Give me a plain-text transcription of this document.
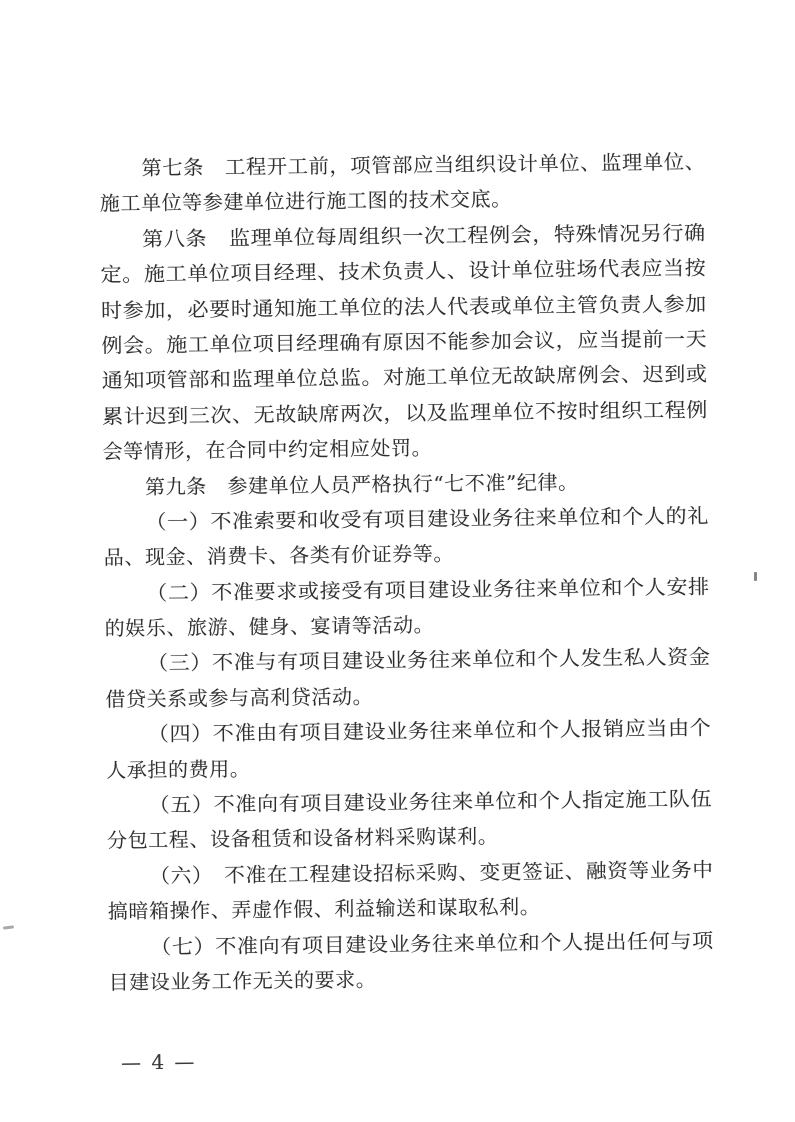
第七条　工程开工前，项管部应当组织设计单位、监理单位、
施工单位等参建单位进行施工图的技术交底。
第八条　监理单位每周组织一次工程例会，特殊情况另行确
定。施工单位项目经理、技术负责人、设计单位驻场代表应当按
时参加，必要时通知施工单位的法人代表或单位主管负责人参加
例会。施工单位项目经理确有原因不能参加会议，应当提前一天
通知项管部和监理单位总监。对施工单位无故缺席例会、迟到或
累计迟到三次、无故缺席两次，以及监理单位不按时组织工程例
会等情形，在合同中约定相应处罚。
第九条　参建单位人员严格执行“七不准”纪律。
（一）不准索要和收受有项目建设业务往来单位和个人的礼
品、现金、消费卡、各类有价证券等。
（二）不准要求或接受有项目建设业务往来单位和个人安排
的娱乐、旅游、健身、宴请等活动。
（三）不准与有项目建设业务往来单位和个人发生私人资金
借贷关系或参与高利贷活动。
（四）不准由有项目建设业务往来单位和个人报销应当由个
人承担的费用。
（五）不准向有项目建设业务往来单位和个人指定施工队伍
分包工程、设备租赁和设备材料采购谋利。
（六）　不准在工程建设招标采购、变更签证、融资等业务中
搞暗箱操作、弄虚作假、利益输送和谋取私利。
（七）不准向有项目建设业务往来单位和个人提出任何与项
目建设业务工作无关的要求。
— 4 —
